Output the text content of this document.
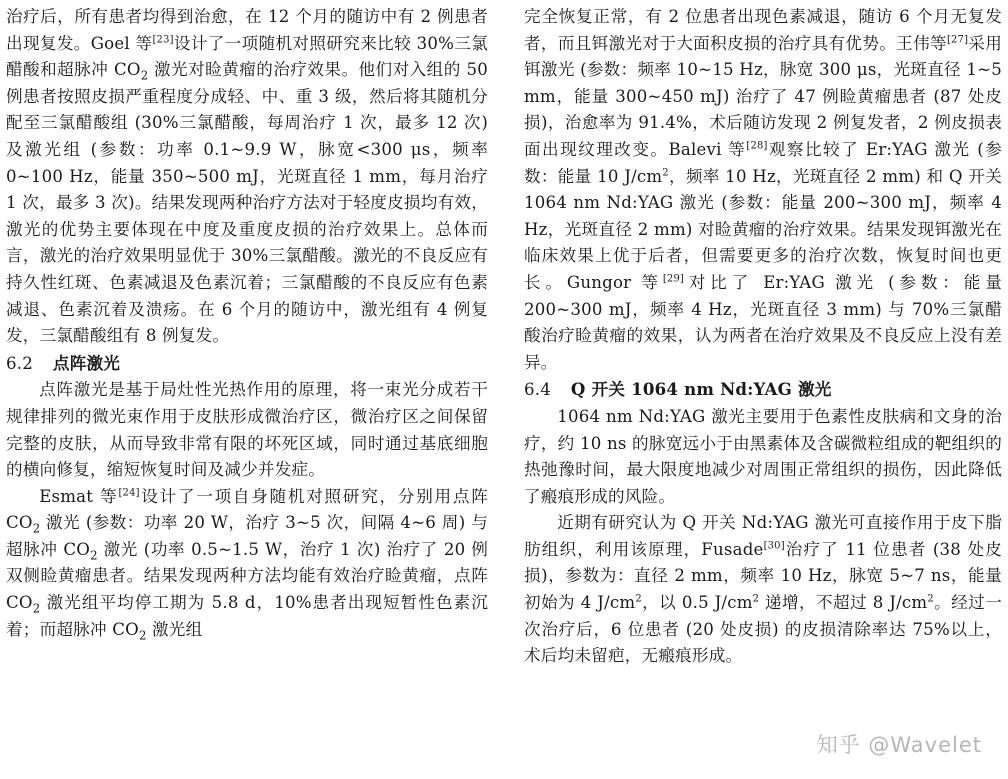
治疗后，所有患者均得到治愈，在 12 个月的随访中有 2 例患者出现复发。Goel 等[23]设计了一项随机对照研究来比较 30%三氯醋酸和超脉冲 $CO_2$ 激光对睑黄瘤的治疗效果。他们对入组的 50 例患者按照皮损严重程度分成轻、中、重 3 级，然后将其随机分配至三氯醋酸组 (30%三氯醋酸，每周治疗 1 次，最多 12 次) 及激光组 (参数：功率 0.1~9.9 W，脉宽<300 μs，频率 0~100 Hz，能量 350~500 mJ，光斑直径 1 mm，每月治疗 1 次，最多 3 次)。结果发现两种治疗方法对于轻度皮损均有效，激光的优势主要体现在中度及重度皮损的治疗效果上。总体而言，激光的治疗效果明显优于 30%三氯醋酸。激光的不良反应有持久性红斑、色素减退及色素沉着；三氯醋酸的不良反应有色素减退、色素沉着及溃疡。在 6 个月的随访中，激光组有 4 例复发，三氯醋酸组有 8 例复发。

6.2 点阵激光

点阵激光是基于局灶性光热作用的原理，将一束光分成若干规律排列的微光束作用于皮肤形成微治疗区，微治疗区之间保留完整的皮肤，从而导致非常有限的坏死区域，同时通过基底细胞的横向修复，缩短恢复时间及减少并发症。

Esmat 等[24]设计了一项自身随机对照研究，分别用点阵 $CO_2$ 激光 (参数：功率 20 W，治疗 3~5 次，间隔 4~6 周) 与超脉冲 $CO_2$ 激光 (功率 0.5~1.5 W，治疗 1 次) 治疗了 20 例双侧睑黄瘤患者。结果发现两种方法均能有效治疗睑黄瘤，点阵 $CO_2$ 激光组平均停工期为 5.8 d，10%患者出现短暂性色素沉着；而超脉冲 $CO_2$ 激光组

完全恢复正常，有 2 位患者出现色素减退，随访 6 个月无复发者，而且铒激光对于大面积皮损的治疗具有优势。王伟等[27]采用铒激光 (参数：频率 10~15 Hz，脉宽 300 μs，光斑直径 1~5 mm，能量 300~450 mJ) 治疗了 47 例睑黄瘤患者 (87 处皮损)，治愈率为 91.4%，术后随访发现 2 例复发者，2 例皮损表面出现纹理改变。Balevi 等[28]观察比较了 Er:YAG 激光 (参数：能量 10 $J/cm^2$，频率 10 Hz，光斑直径 2 mm) 和 Q 开关 1064 nm Nd:YAG 激光 (参数：能量 200~300 mJ，频率 4 Hz，光斑直径 2 mm) 对睑黄瘤的治疗效果。结果发现铒激光在临床效果上优于后者，但需要更多的治疗次数，恢复时间也更长。Gungor 等[29]对比了 Er:YAG 激光 (参数：能量 200~300 mJ，频率 4 Hz，光斑直径 3 mm) 与 70%三氯醋酸治疗睑黄瘤的效果，认为两者在治疗效果及不良反应上没有差异。

6.4 Q 开关 1064 nm Nd:YAG 激光

1064 nm Nd:YAG 激光主要用于色素性皮肤病和文身的治疗，约 10 ns 的脉宽远小于由黑素体及含碳微粒组成的靶组织的热弛豫时间，最大限度地减少对周围正常组织的损伤，因此降低了瘢痕形成的风险。

近期有研究认为 Q 开关 Nd:YAG 激光可直接作用于皮下脂肪组织，利用该原理，Fusade[30]治疗了 11 位患者 (38 处皮损)，参数为：直径 2 mm，频率 10 Hz，脉宽 5~7 ns，能量初始为 4 $J/cm^2$，以 0.5 $J/cm^2$ 递增，不超过 8 $J/cm^2$。经过一次治疗后，6 位患者 (20 处皮损) 的皮损清除率达 75%以上，术后均未留疤，无瘢痕形成。

知乎 @Wavelet
